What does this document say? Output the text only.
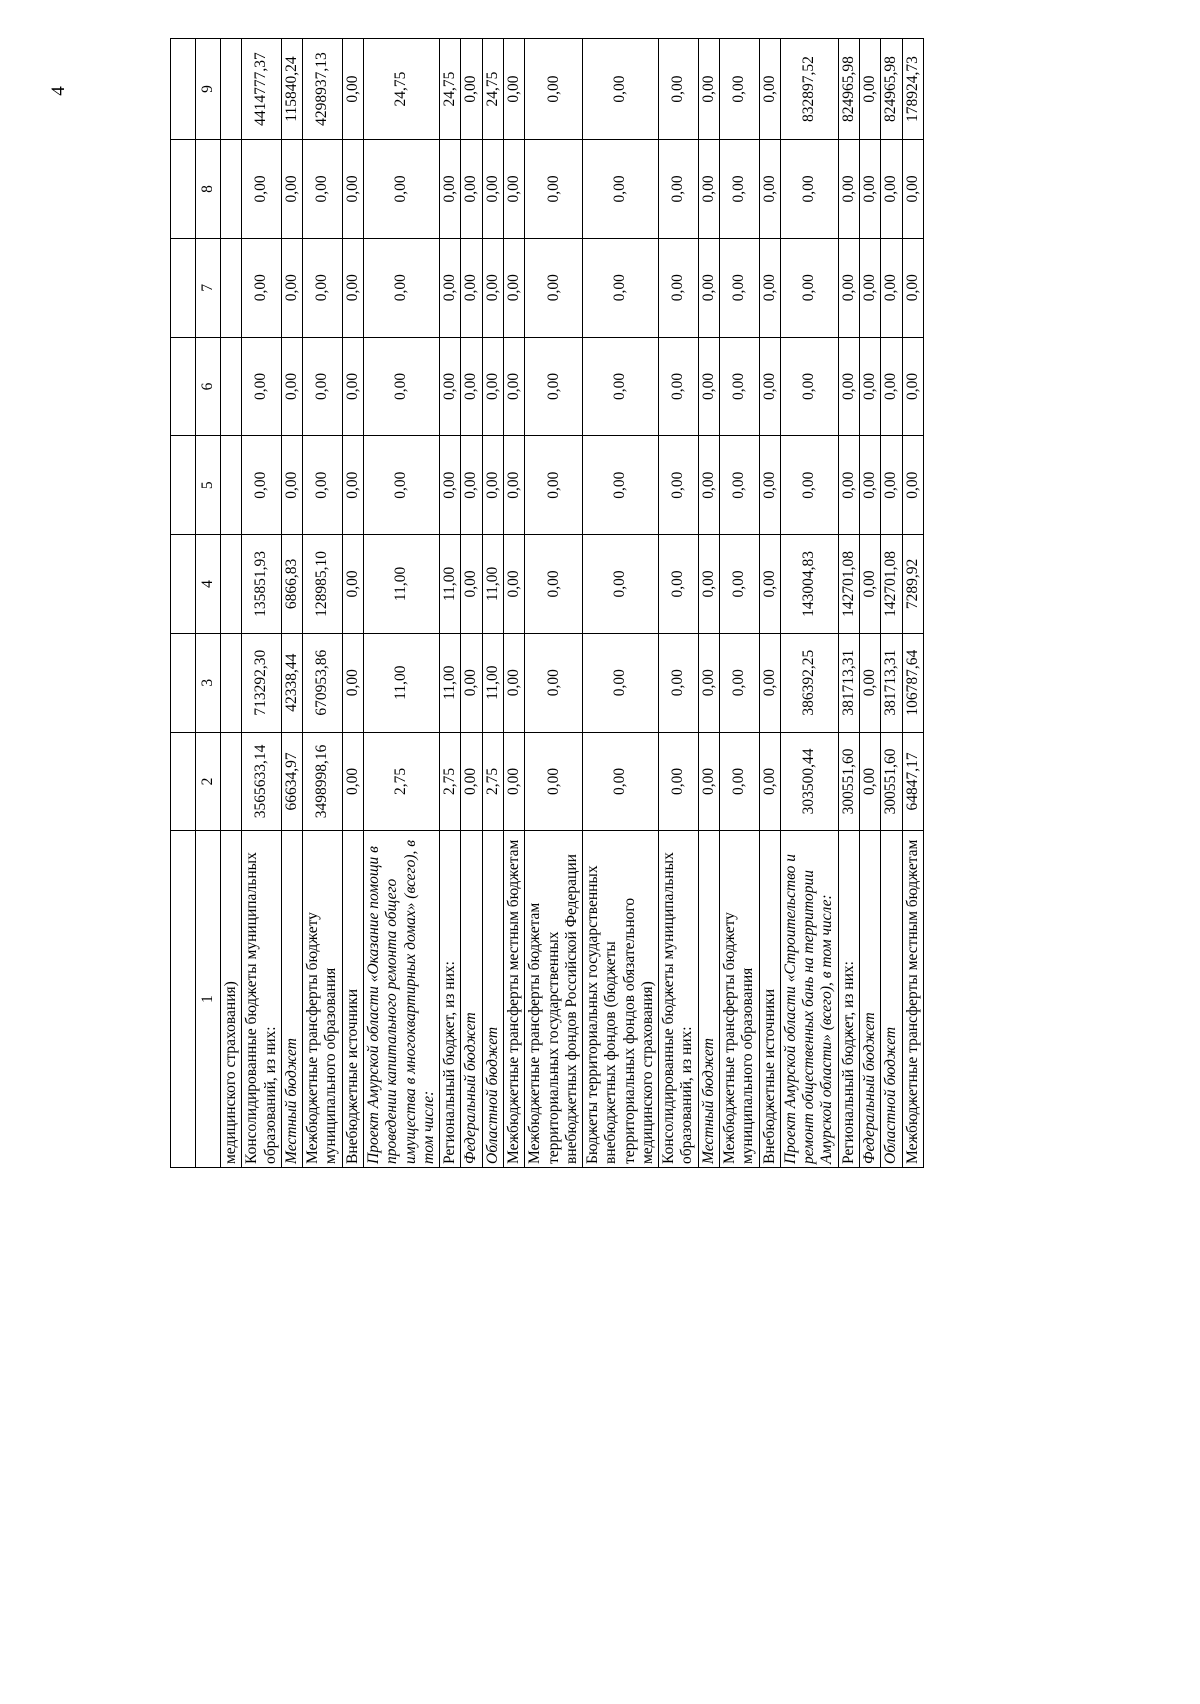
4

1	2	3	4	5	6	7	8	9
медицинского страхования)								
Консолидированные бюджеты муниципальных образований, из них:	3565633,14	713292,30	135851,93	0,00	0,00	0,00	0,00	4414777,37
Местный бюджет	66634,97	42338,44	6866,83	0,00	0,00	0,00	0,00	115840,24
Межбюджетные трансферты бюджету муниципального образования	3498998,16	670953,86	128985,10	0,00	0,00	0,00	0,00	4298937,13
Внебюджетные источники	0,00	0,00	0,00	0,00	0,00	0,00	0,00	0,00
Проект Амурской области «Оказание помощи в проведении капитального ремонта общего имущества в многоквартирных домах» (всего), в том числе:	2,75	11,00	11,00	0,00	0,00	0,00	0,00	24,75
Региональный бюджет, из них:	2,75	11,00	11,00	0,00	0,00	0,00	0,00	24,75
Федеральный бюджет	0,00	0,00	0,00	0,00	0,00	0,00	0,00	0,00
Областной бюджет	2,75	11,00	11,00	0,00	0,00	0,00	0,00	24,75
Межбюджетные трансферты местным бюджетам	0,00	0,00	0,00	0,00	0,00	0,00	0,00	0,00
Межбюджетные трансферты бюджетам территориальных государственных внебюджетных фондов Российской Федерации	0,00	0,00	0,00	0,00	0,00	0,00	0,00	0,00
Бюджеты территориальных государственных внебюджетных фондов (бюджеты территориальных фондов обязательного медицинского страхования)	0,00	0,00	0,00	0,00	0,00	0,00	0,00	0,00
Консолидированные бюджеты муниципальных образований, из них:	0,00	0,00	0,00	0,00	0,00	0,00	0,00	0,00
Местный бюджет	0,00	0,00	0,00	0,00	0,00	0,00	0,00	0,00
Межбюджетные трансферты бюджету муниципального образования	0,00	0,00	0,00	0,00	0,00	0,00	0,00	0,00
Внебюджетные источники	0,00	0,00	0,00	0,00	0,00	0,00	0,00	0,00
Проект Амурской области «Строительство и ремонт общественных бань на территории Амурской области» (всего), в том числе:	303500,44	386392,25	143004,83	0,00	0,00	0,00	0,00	832897,52
Региональный бюджет, из них:	300551,60	381713,31	142701,08	0,00	0,00	0,00	0,00	824965,98
Федеральный бюджет	0,00	0,00	0,00	0,00	0,00	0,00	0,00	0,00
Областной бюджет	300551,60	381713,31	142701,08	0,00	0,00	0,00	0,00	824965,98
Межбюджетные трансферты местным бюджетам	64847,17	106787,64	7289,92	0,00	0,00	0,00	0,00	178924,73
